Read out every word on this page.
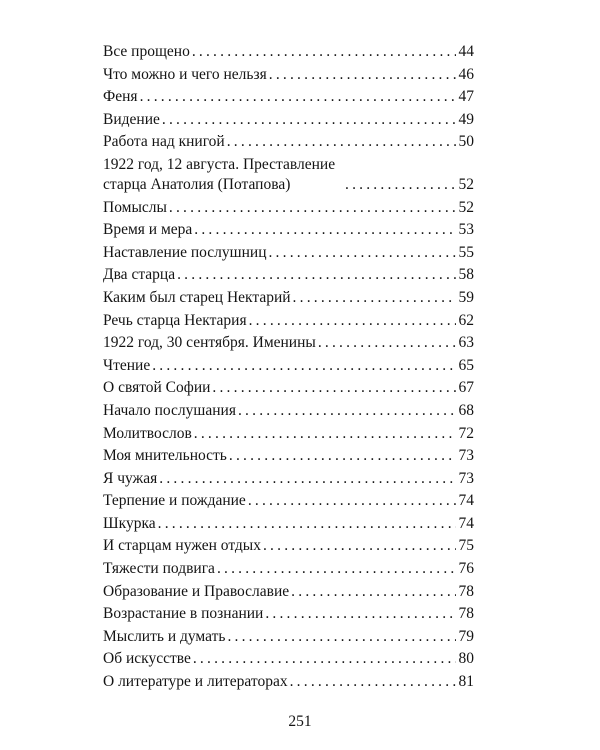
Все прощено .....	44
Что можно и чего нельзя .....	46
Феня .....	47
Видение .....	49
Работа над книгой .....	50
1922 год, 12 августа. Преставление старца Анатолия (Потапова) .....	52
Помыслы .....	52
Время и мера .....	53
Наставление послушниц .....	55
Два старца .....	58
Каким был старец Нектарий .....	59
Речь старца Нектария .....	62
1922 год, 30 сентября. Именины .....	63
Чтение .....	65
О святой Софии .....	67
Начало послушания .....	68
Молитвослов .....	72
Моя мнительность .....	73
Я чужая .....	73
Терпение и пождание .....	74
Шкурка .....	74
И старцам нужен отдых .....	75
Тяжести подвига .....	76
Образование и Православие .....	78
Возрастание в познании .....	78
Мыслить и думать .....	79
Об искусстве .....	80
О литературе и литераторах .....	81
251
